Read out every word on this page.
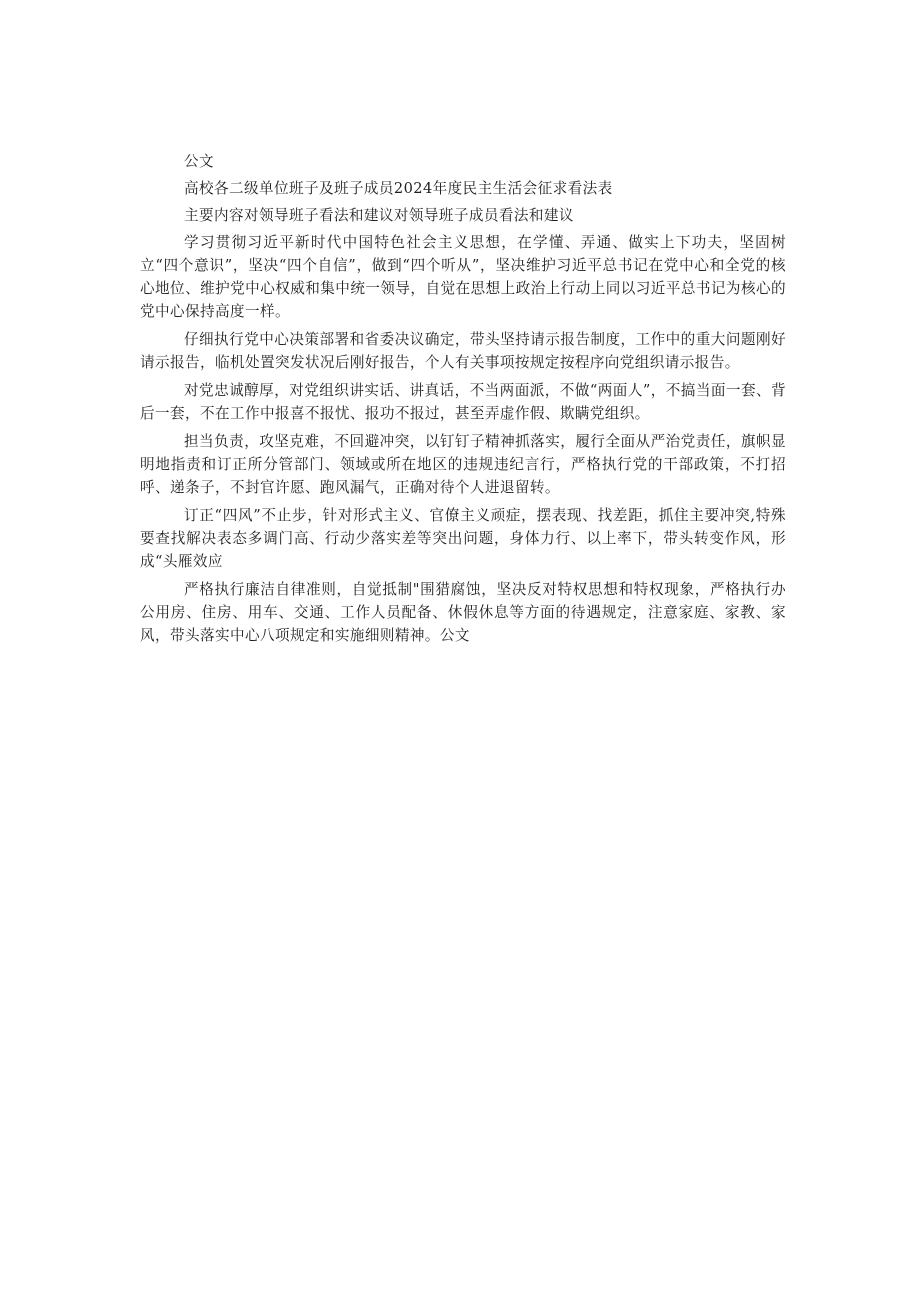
公文
高校各二级单位班子及班子成员2024年度民主生活会征求看法表
主要内容对领导班子看法和建议对领导班子成员看法和建议

学习贯彻习近平新时代中国特色社会主义思想，在学懂、弄通、做实上下功夫，坚固树立“四个意识”，坚决“四个自信”，做到“四个听从”，坚决维护习近平总书记在党中心和全党的核心地位、维护党中心权威和集中统一领导，自觉在思想上政治上行动上同以习近平总书记为核心的党中心保持高度一样。

仔细执行党中心决策部署和省委决议确定，带头坚持请示报告制度，工作中的重大问题刚好请示报告，临机处置突发状况后刚好报告，个人有关事项按规定按程序向党组织请示报告。

对党忠诚醇厚，对党组织讲实话、讲真话，不当两面派，不做“两面人”，不搞当面一套、背后一套，不在工作中报喜不报忧、报功不报过，甚至弄虚作假、欺瞒党组织。

担当负责，攻坚克难，不回避冲突，以钉钉子精神抓落实，履行全面从严治党责任，旗帜显明地指责和订正所分管部门、领域或所在地区的违规违纪言行，严格执行党的干部政策，不打招呼、递条子，不封官许愿、跑风漏气，正确对待个人进退留转。

订正“四风”不止步，针对形式主义、官僚主义顽症，摆表现、找差距，抓住主要冲突,特殊要查找解决表态多调门高、行动少落实差等突出问题，身体力行、以上率下，带头转变作风，形成“头雁效应

严格执行廉洁自律准则，自觉抵制"围猎腐蚀，坚决反对特权思想和特权现象，严格执行办公用房、住房、用车、交通、工作人员配备、休假休息等方面的待遇规定，注意家庭、家教、家风，带头落实中心八项规定和实施细则精神。公文
